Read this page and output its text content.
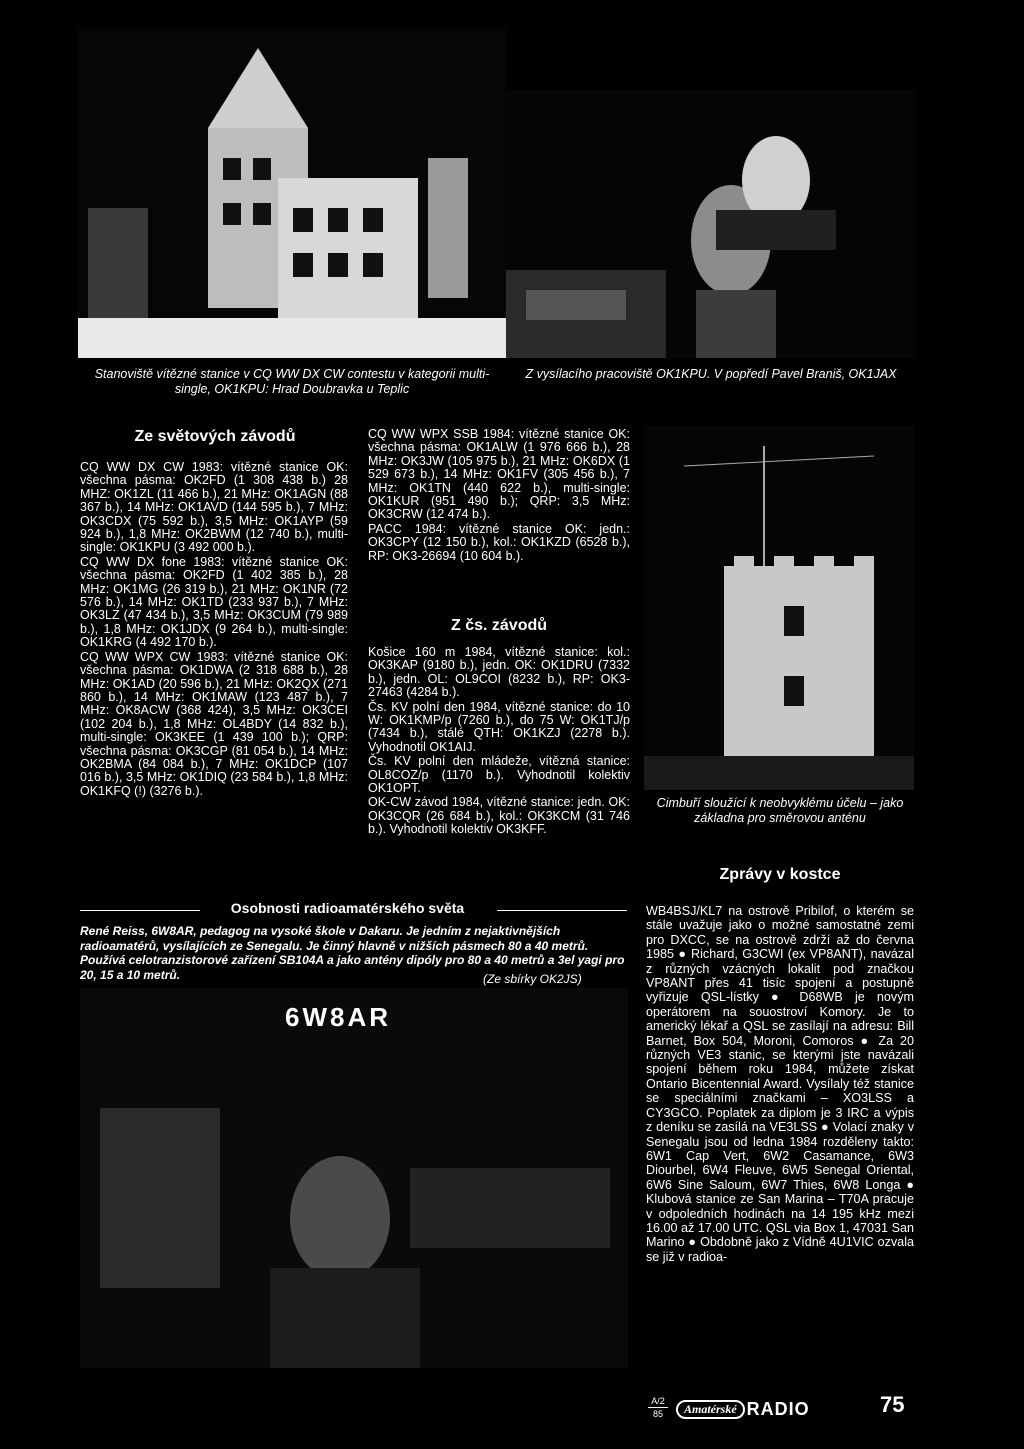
Stanoviště vítězné stanice v CQ WW DX CW contestu v kategorii multi-single, OK1KPU: Hrad Doubravka u Teplic
Z vysílacího pracoviště OK1KPU. V popředí Pavel Braniš, OK1JAX
Ze světových závodů

CQ WW DX CW 1983: vítězné stanice OK: všechna pásma: OK2FD (1 308 438 b.) 28 MHZ: OK1ZL (11 466 b.), 21 MHz: OK1AGN (88 367 b.), 14 MHz: OK1AVD (144 595 b.), 7 MHz: OK3CDX (75 592 b.), 3,5 MHz: OK1AYP (59 924 b.), 1,8 MHz: OK2BWM (12 740 b.), multi-single: OK1KPU (3 492 000 b.).

CQ WW DX fone 1983: vítězné stanice OK: všechna pásma: OK2FD (1 402 385 b.), 28 MHz: OK1MG (26 319 b.), 21 MHz: OK1NR (72 576 b.), 14 MHz: OK1TD (233 937 b.), 7 MHz: OK3LZ (47 434 b.), 3,5 MHz: OK3CUM (79 989 b.), 1,8 MHz: OK1JDX (9 264 b.), multi-single: OK1KRG (4 492 170 b.).

CQ WW WPX CW 1983: vítězné stanice OK: všechna pásma: OK1DWA (2 318 688 b.), 28 MHz: OK1AD (20 596 b.), 21 MHz: OK2QX (271 860 b.), 14 MHz: OK1MAW (123 487 b.), 7 MHz: OK8ACW (368 424), 3,5 MHz: OK3CEI (102 204 b.), 1,8 MHz: OL4BDY (14 832 b.), multi-single: OK3KEE (1 439 100 b.); QRP: všechna pásma: OK3CGP (81 054 b.), 14 MHz: OK2BMA (84 084 b.), 7 MHz: OK1DCP (107 016 b.), 3,5 MHz: OK1DIQ (23 584 b.), 1,8 MHz: OK1KFQ (!) (3276 b.).

CQ WW WPX SSB 1984: vítězné stanice OK: všechna pásma: OK1ALW (1 976 666 b.), 28 MHz: OK3JW (105 975 b.), 21 MHz: OK6DX (1 529 673 b.), 14 MHz: OK1FV (305 456 b.), 7 MHz: OK1TN (440 622 b.), multi-single: OK1KUR (951 490 b.); QRP: 3,5 MHz: OK3CRW (12 474 b.).

PACC 1984: vítězné stanice OK: jedn.: OK3CPY (12 150 b.), kol.: OK1KZD (6528 b.), RP: OK3-26694 (10 604 b.).

Z čs. závodů

Košice 160 m 1984, vítězné stanice: kol.: OK3KAP (9180 b.), jedn. OK: OK1DRU (7332 b.), jedn. OL: OL9COI (8232 b.), RP: OK3-27463 (4284 b.).

Čs. KV polní den 1984, vítězné stanice: do 10 W: OK1KMP/p (7260 b.), do 75 W: OK1TJ/p (7434 b.), stálé QTH: OK1KZJ (2278 b.). Vyhodnotil OK1AIJ.

Čs. KV polní den mládeže, vítězná stanice: OL8COZ/p (1170 b.). Vyhodnotil kolektiv OK1OPT.

OK-CW závod 1984, vítězné stanice: jedn. OK: OK3CQR (26 684 b.), kol.: OK3KCM (31 746 b.). Vyhodnotil kolektiv OK3KFF.

Cimbuří sloužící k neobvyklému účelu – jako základna pro směrovou anténu
Zprávy v kostce

WB4BSJ/KL7 na ostrově Pribilof, o kterém se stále uvažuje jako o možné samostatné zemi pro DXCC, se na ostrově zdrží až do června 1985 ● Richard, G3CWI (ex VP8ANT), navázal z různých vzácných lokalit pod značkou VP8ANT přes 41 tisíc spojení a postupně vyřizuje QSL-lístky ● D68WB je novým operátorem na souostroví Komory. Je to americký lékař a QSL se zasílají na adresu: Bill Barnet, Box 504, Moroni, Comoros ● Za 20 různých VE3 stanic, se kterými jste navázali spojení během roku 1984, můžete získat Ontario Bicentennial Award. Vysílaly též stanice se speciálními značkami – XO3LSS a CY3GCO. Poplatek za diplom je 3 IRC a výpis z deníku se zasílá na VE3LSS ● Volací znaky v Senegalu jsou od ledna 1984 rozděleny takto: 6W1 Cap Vert, 6W2 Casamance, 6W3 Diourbel, 6W4 Fleuve, 6W5 Senegal Oriental, 6W6 Sine Saloum, 6W7 Thies, 6W8 Longa ● Klubová stanice ze San Marina – T70A pracuje v odpoledních hodinách na 14 195 kHz mezi 16.00 až 17.00 UTC. QSL via Box 1, 47031 San Marino ● Obdobně jako z Vídně 4U1VIC ozvala se již v radioa-

Osobnosti radioamatérského světa
René Reiss, 6W8AR, pedagog na vysoké škole v Dakaru. Je jedním z nejaktivnějších radioamatérů, vysílajících ze Senegalu. Je činný hlavně v nižších pásmech 80 a 40 metrů. Používá celotranzistorové zařízení SB104A a jako antény dipóly pro 80 a 40 metrů a 3el yagi pro 20, 15 a 10 metrů.	(Ze sbírky OK2JS)
6W8AR
A/2
85	Amatérské RADIO	75
